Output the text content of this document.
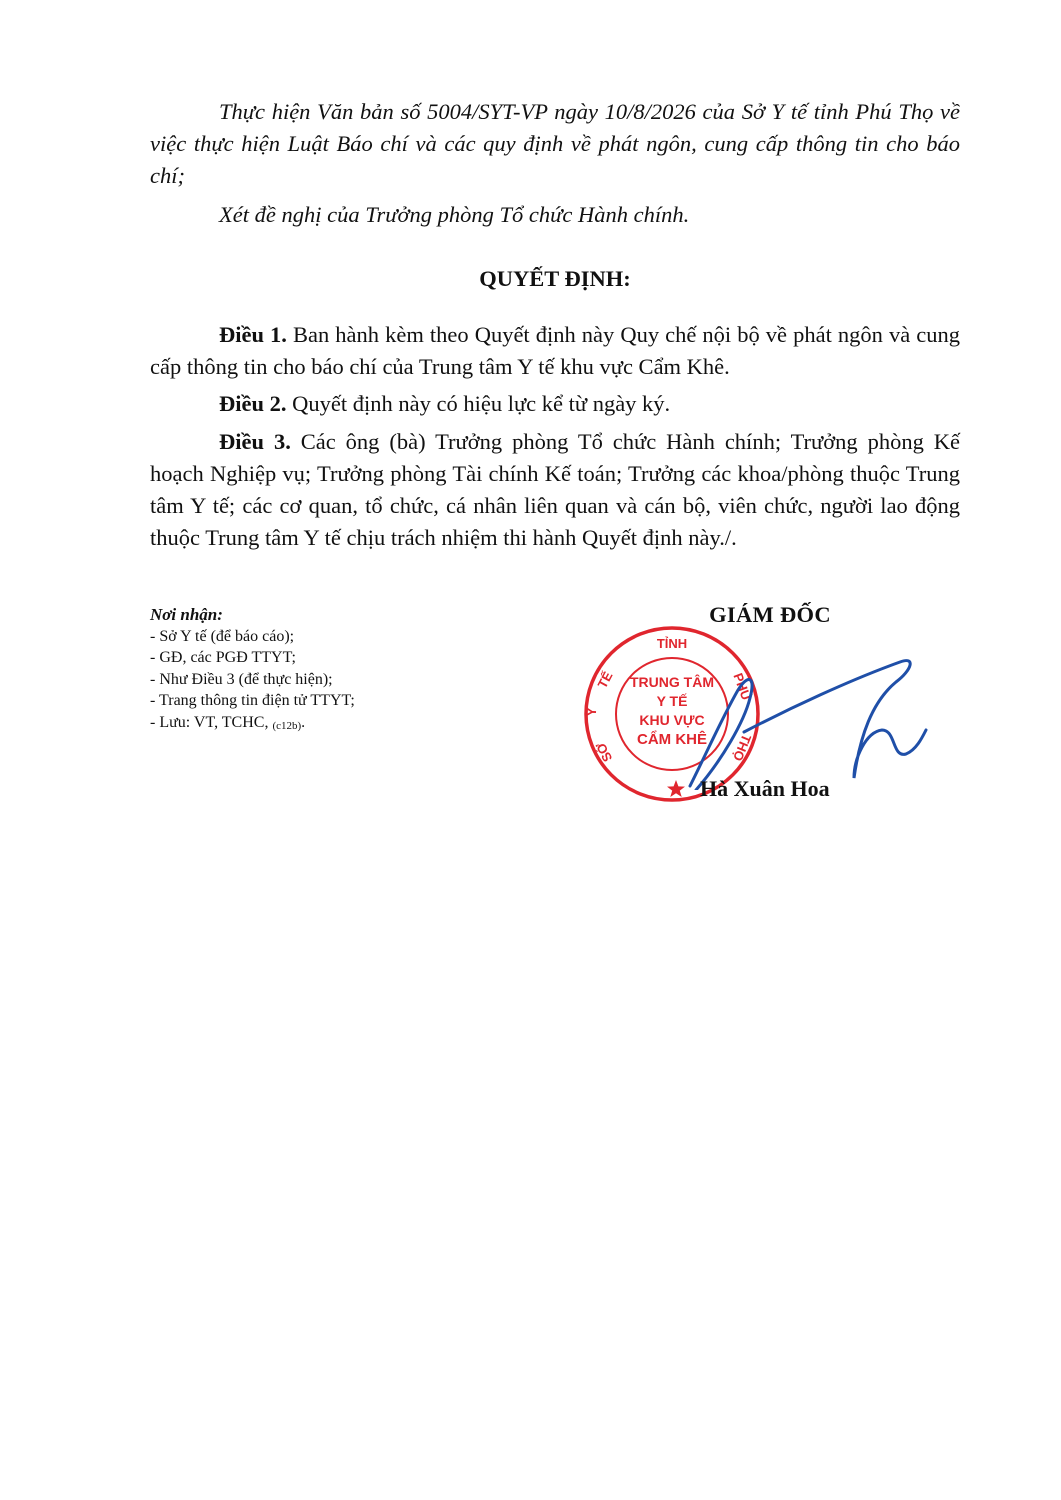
Thực hiện Văn bản số 5004/SYT-VP ngày 10/8/2026 của Sở Y tế tỉnh Phú Thọ về việc thực hiện Luật Báo chí và các quy định về phát ngôn, cung cấp thông tin cho báo chí;

Xét đề nghị của Trưởng phòng Tổ chức Hành chính.

QUYẾT ĐỊNH:

Điều 1. Ban hành kèm theo Quyết định này Quy chế nội bộ về phát ngôn và cung cấp thông tin cho báo chí của Trung tâm Y tế khu vực Cẩm Khê.

Điều 2. Quyết định này có hiệu lực kể từ ngày ký.

Điều 3. Các ông (bà) Trưởng phòng Tổ chức Hành chính; Trưởng phòng Kế hoạch Nghiệp vụ; Trưởng phòng Tài chính Kế toán; Trưởng các khoa/phòng thuộc Trung tâm Y tế; các cơ quan, tổ chức, cá nhân liên quan và cán bộ, viên chức, người lao động thuộc Trung tâm Y tế chịu trách nhiệm thi hành Quyết định này./.

Nơi nhận:
- Sở Y tế (để báo cáo);
- GĐ, các PGĐ TTYT;
- Như Điều 3 (để thực hiện);
- Trang thông tin điện tử TTYT;
- Lưu: VT, TCHC, (c12b).
GIÁM ĐỐC
TỈNH
TẾ
Y
PHÚ
THỌ
SỞ
TRUNG TÂM
Y TẾ
KHU VỰC
CẨM KHÊ
Hà Xuân Hoa
